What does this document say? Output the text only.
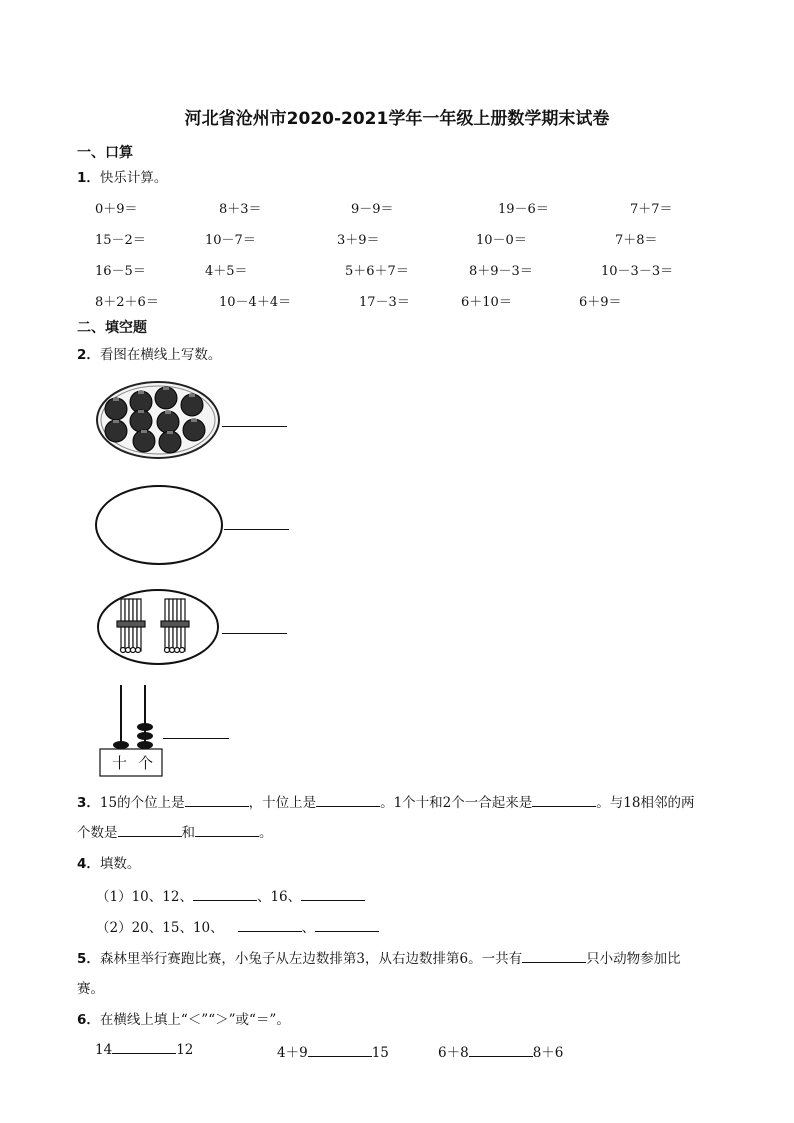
河北省沧州市2020-2021学年一年级上册数学期末试卷
一、口算
1．快乐计算。
0＋9＝	8＋3＝	9－9＝	19－6＝	7＋7＝
15－2＝	10－7＝	3＋9＝	10－0＝	7＋8＝
16－5＝	4＋5＝	5＋6＋7＝	8＋9－3＝	10－3－3＝
8＋2＋6＝	10－4＋4＝	17－3＝	6＋10＝	6＋9＝
二、填空题
2．看图在横线上写数。
十 个
3．15的个位上是	，十位上是	。1个十和2个一合起来是	。与18相邻的两
个数是	和	。
4．填数。
（1）10、12、	、16、
（2）20、15、10、	、
5．森林里举行赛跑比赛，小兔子从左边数排第3，从右边数排第6。一共有	只小动物参加比
赛。
6．在横线上填上“＜”“＞”或“＝”。
14	12	4＋9	15	6＋8	8＋6
